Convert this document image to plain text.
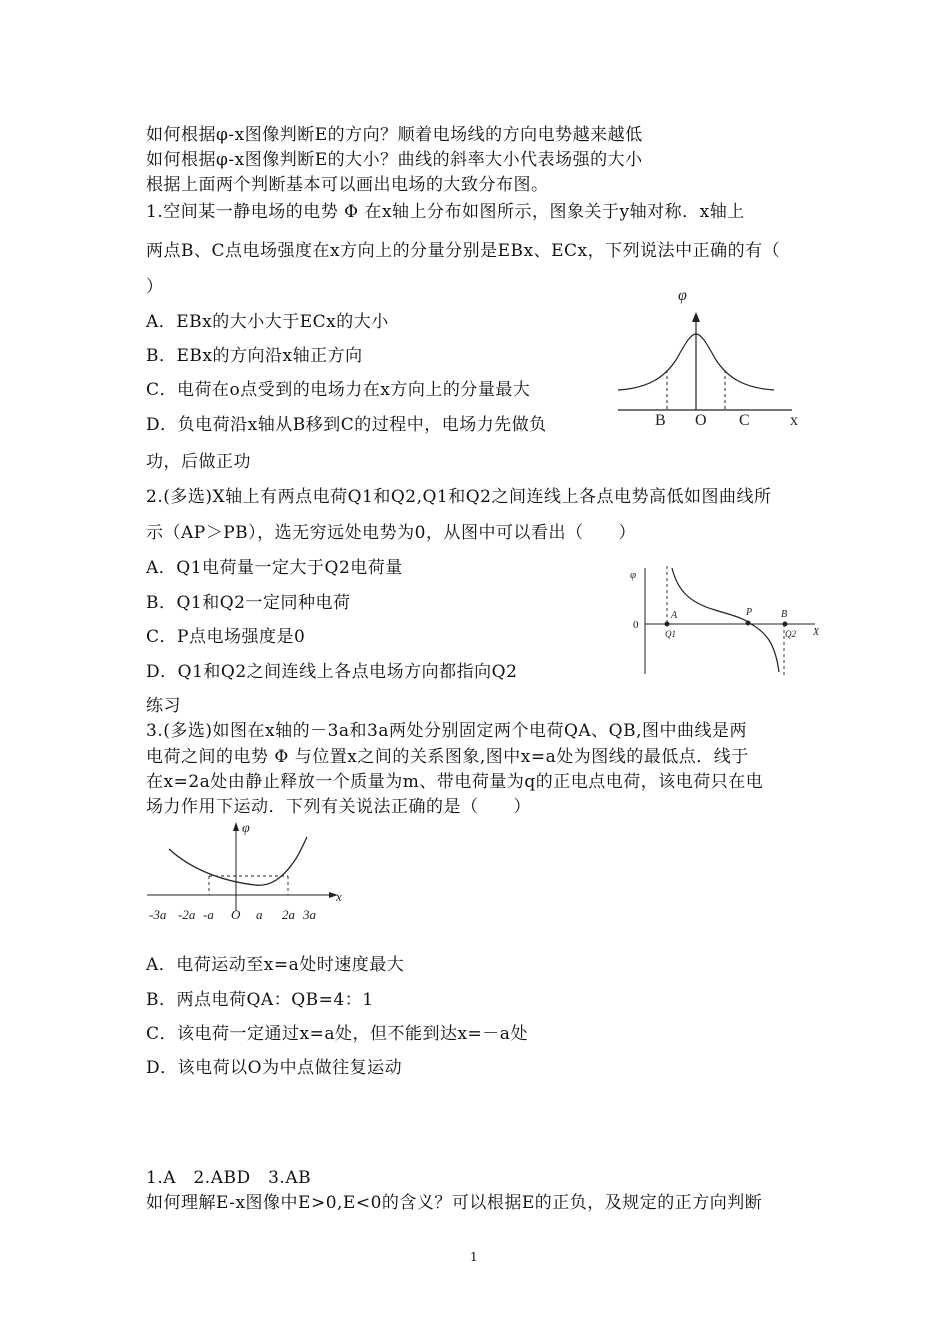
如何根据φ-x图像判断E的方向？顺着电场线的方向电势越来越低
如何根据φ-x图像判断E的大小？曲线的斜率大小代表场强的大小
根据上面两个判断基本可以画出电场的大致分布图。
1.空间某一静电场的电势 Φ 在x轴上分布如图所示，图象关于y轴对称．x轴上
两点B、C点电场强度在x方向上的分量分别是EBx、ECx，下列说法中正确的有（
）
A．EBx的大小大于ECx的大小
B．EBx的方向沿x轴正方向
C．电荷在o点受到的电场力在x方向上的分量最大
D．负电荷沿x轴从B移到C的过程中，电场力先做负
功，后做正功
φ
B O C	x
2.(多选)X轴上有两点电荷Q1和Q2,Q1和Q2之间连线上各点电势高低如图曲线所
示（AP＞PB），选无穷远处电势为0，从图中可以看出（　　）
A．Q1电荷量一定大于Q2电荷量
B．Q1和Q2一定同种电荷
C．P点电场强度是0
D．Q1和Q2之间连线上各点电场方向都指向Q2
φ
0
A	P	B
Q1	Q2 X
练习
3.(多选)如图在x轴的－3a和3a两处分别固定两个电荷QA、QB,图中曲线是两
电荷之间的电势 Φ 与位置x之间的关系图象,图中x=a处为图线的最低点．线于
在x=2a处由静止释放一个质量为m、带电荷量为q的正电点电荷，该电荷只在电
场力作用下运动．下列有关说法正确的是（　　）
φ
-3a -2a -a O a 2a 3a
x
A．电荷运动至x=a处时速度最大
B．两点电荷QA：QB=4：1
C．该电荷一定通过x=a处，但不能到达x=－a处
D．该电荷以O为中点做往复运动
1.A　2.ABD　3.AB
如何理解E-x图像中E>0,E<0的含义？可以根据E的正负，及规定的正方向判断
1
